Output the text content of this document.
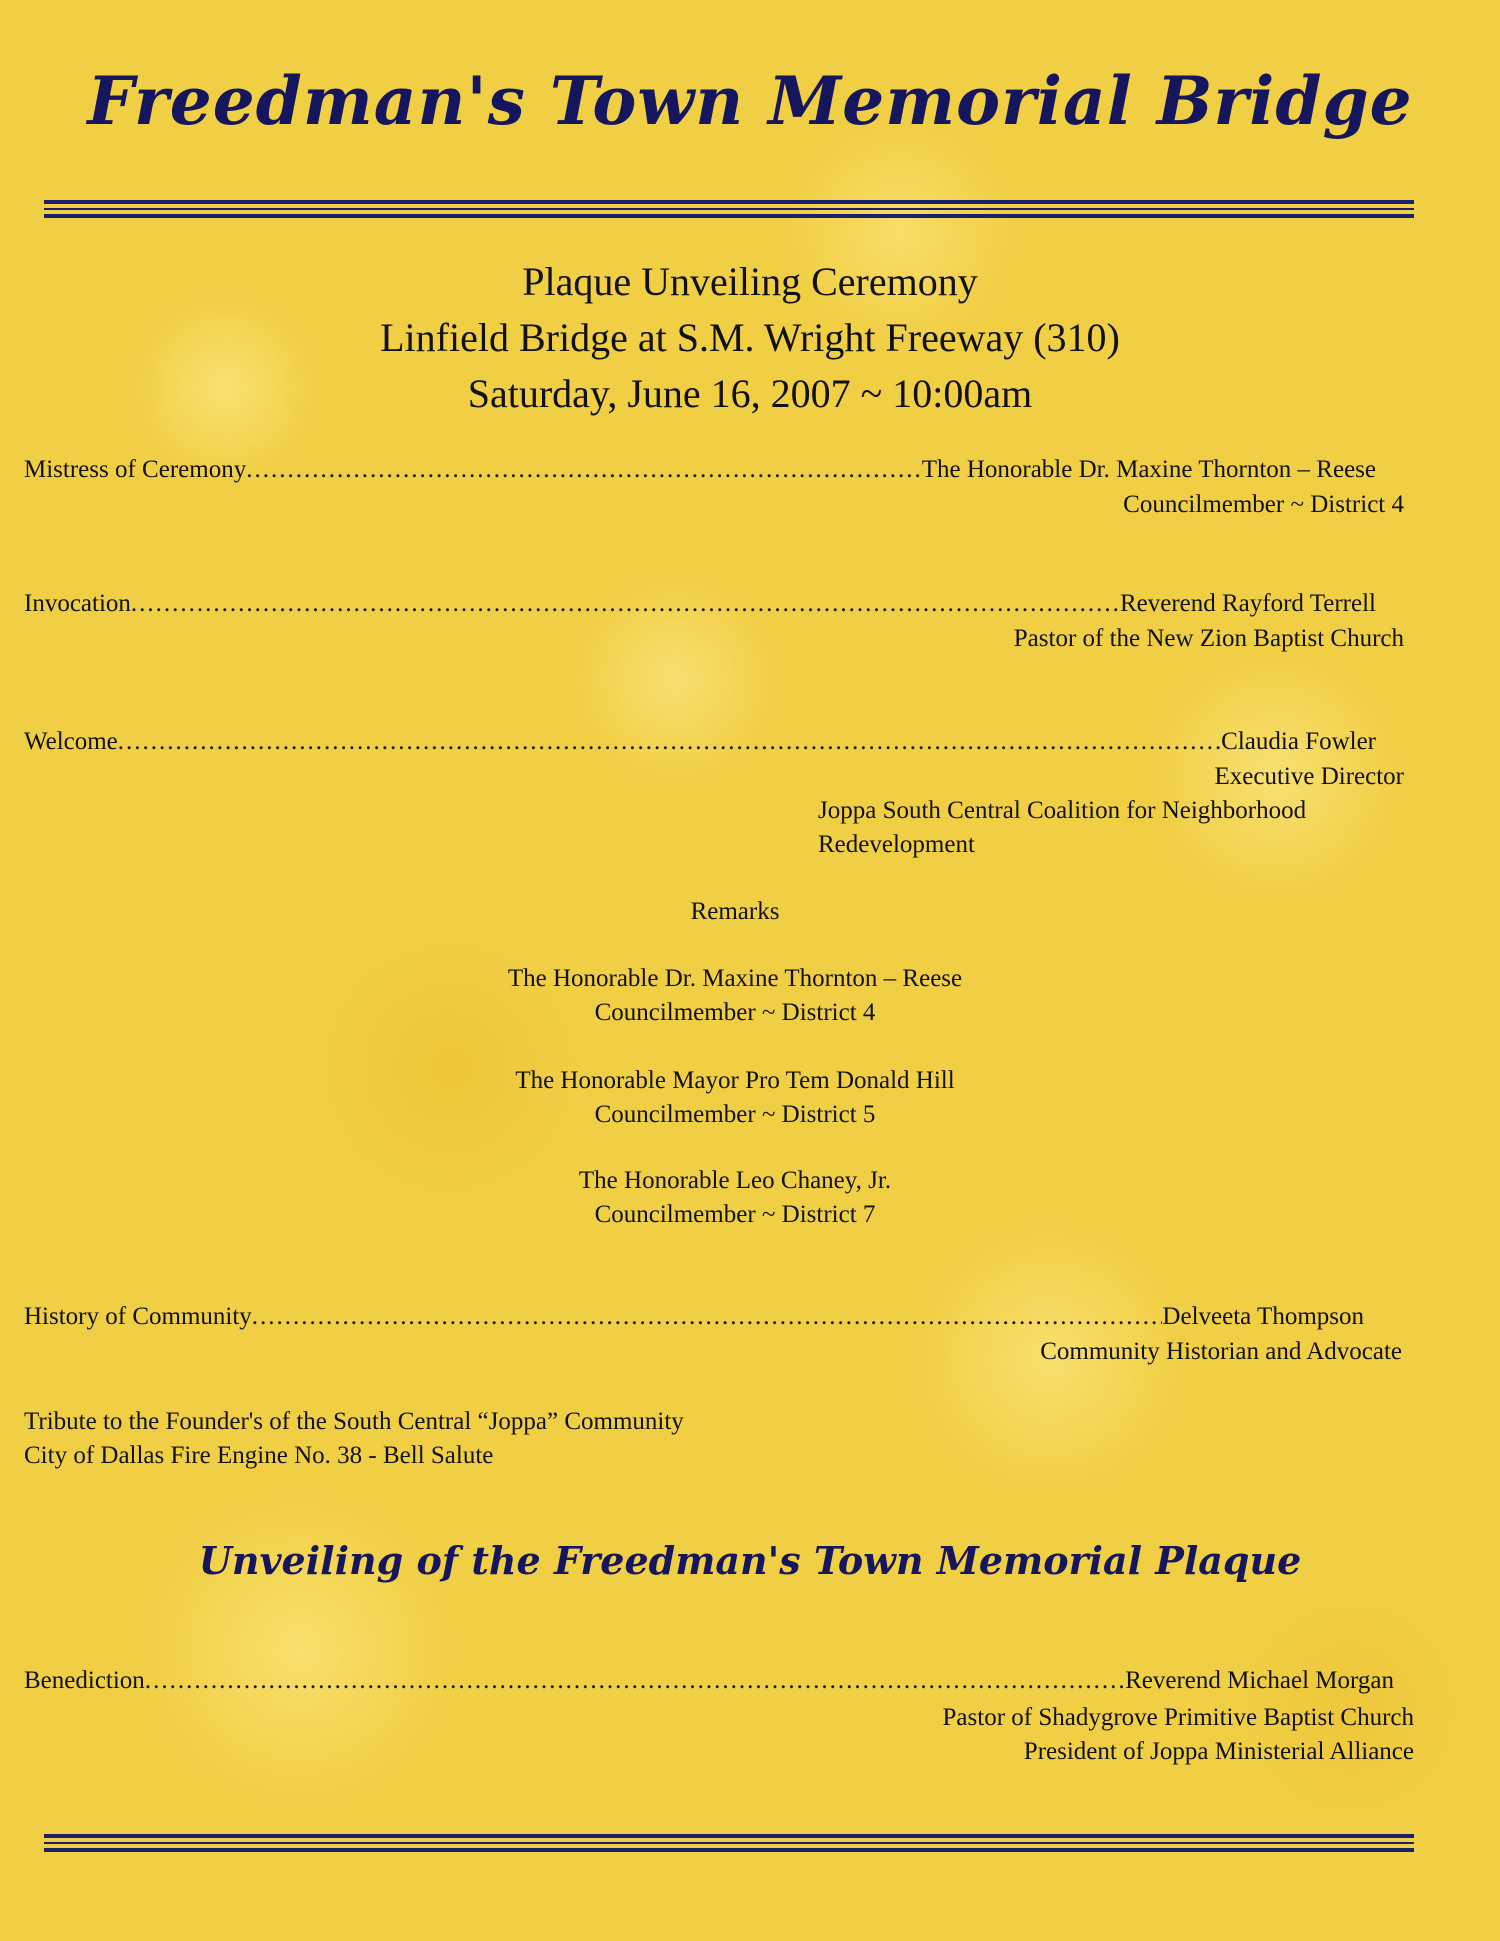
Freedman's Town Memorial Bridge
Plaque Unveiling Ceremony
Linfield Bridge at S.M. Wright Freeway (310)
Saturday, June 16, 2007 ~ 10:00am
Mistress of Ceremony .....	The Honorable Dr. Maxine Thornton – Reese
Councilmember ~ District 4
Invocation .....	Reverend Rayford Terrell
Pastor of the New Zion Baptist Church
Welcome .....	Claudia Fowler
Executive Director
Joppa South Central Coalition for Neighborhood
Redevelopment
Remarks
The Honorable Dr. Maxine Thornton – Reese
Councilmember ~ District 4
The Honorable Mayor Pro Tem Donald Hill
Councilmember ~ District 5
The Honorable Leo Chaney, Jr.
Councilmember ~ District 7
History of Community .....	Delveeta Thompson
Community Historian and Advocate
Tribute to the Founder's of the South Central “Joppa” Community
City of Dallas Fire Engine No. 38 - Bell Salute
Unveiling of the Freedman's Town Memorial Plaque
Benediction .....	Reverend Michael Morgan
Pastor of Shadygrove Primitive Baptist Church
President of Joppa Ministerial Alliance
